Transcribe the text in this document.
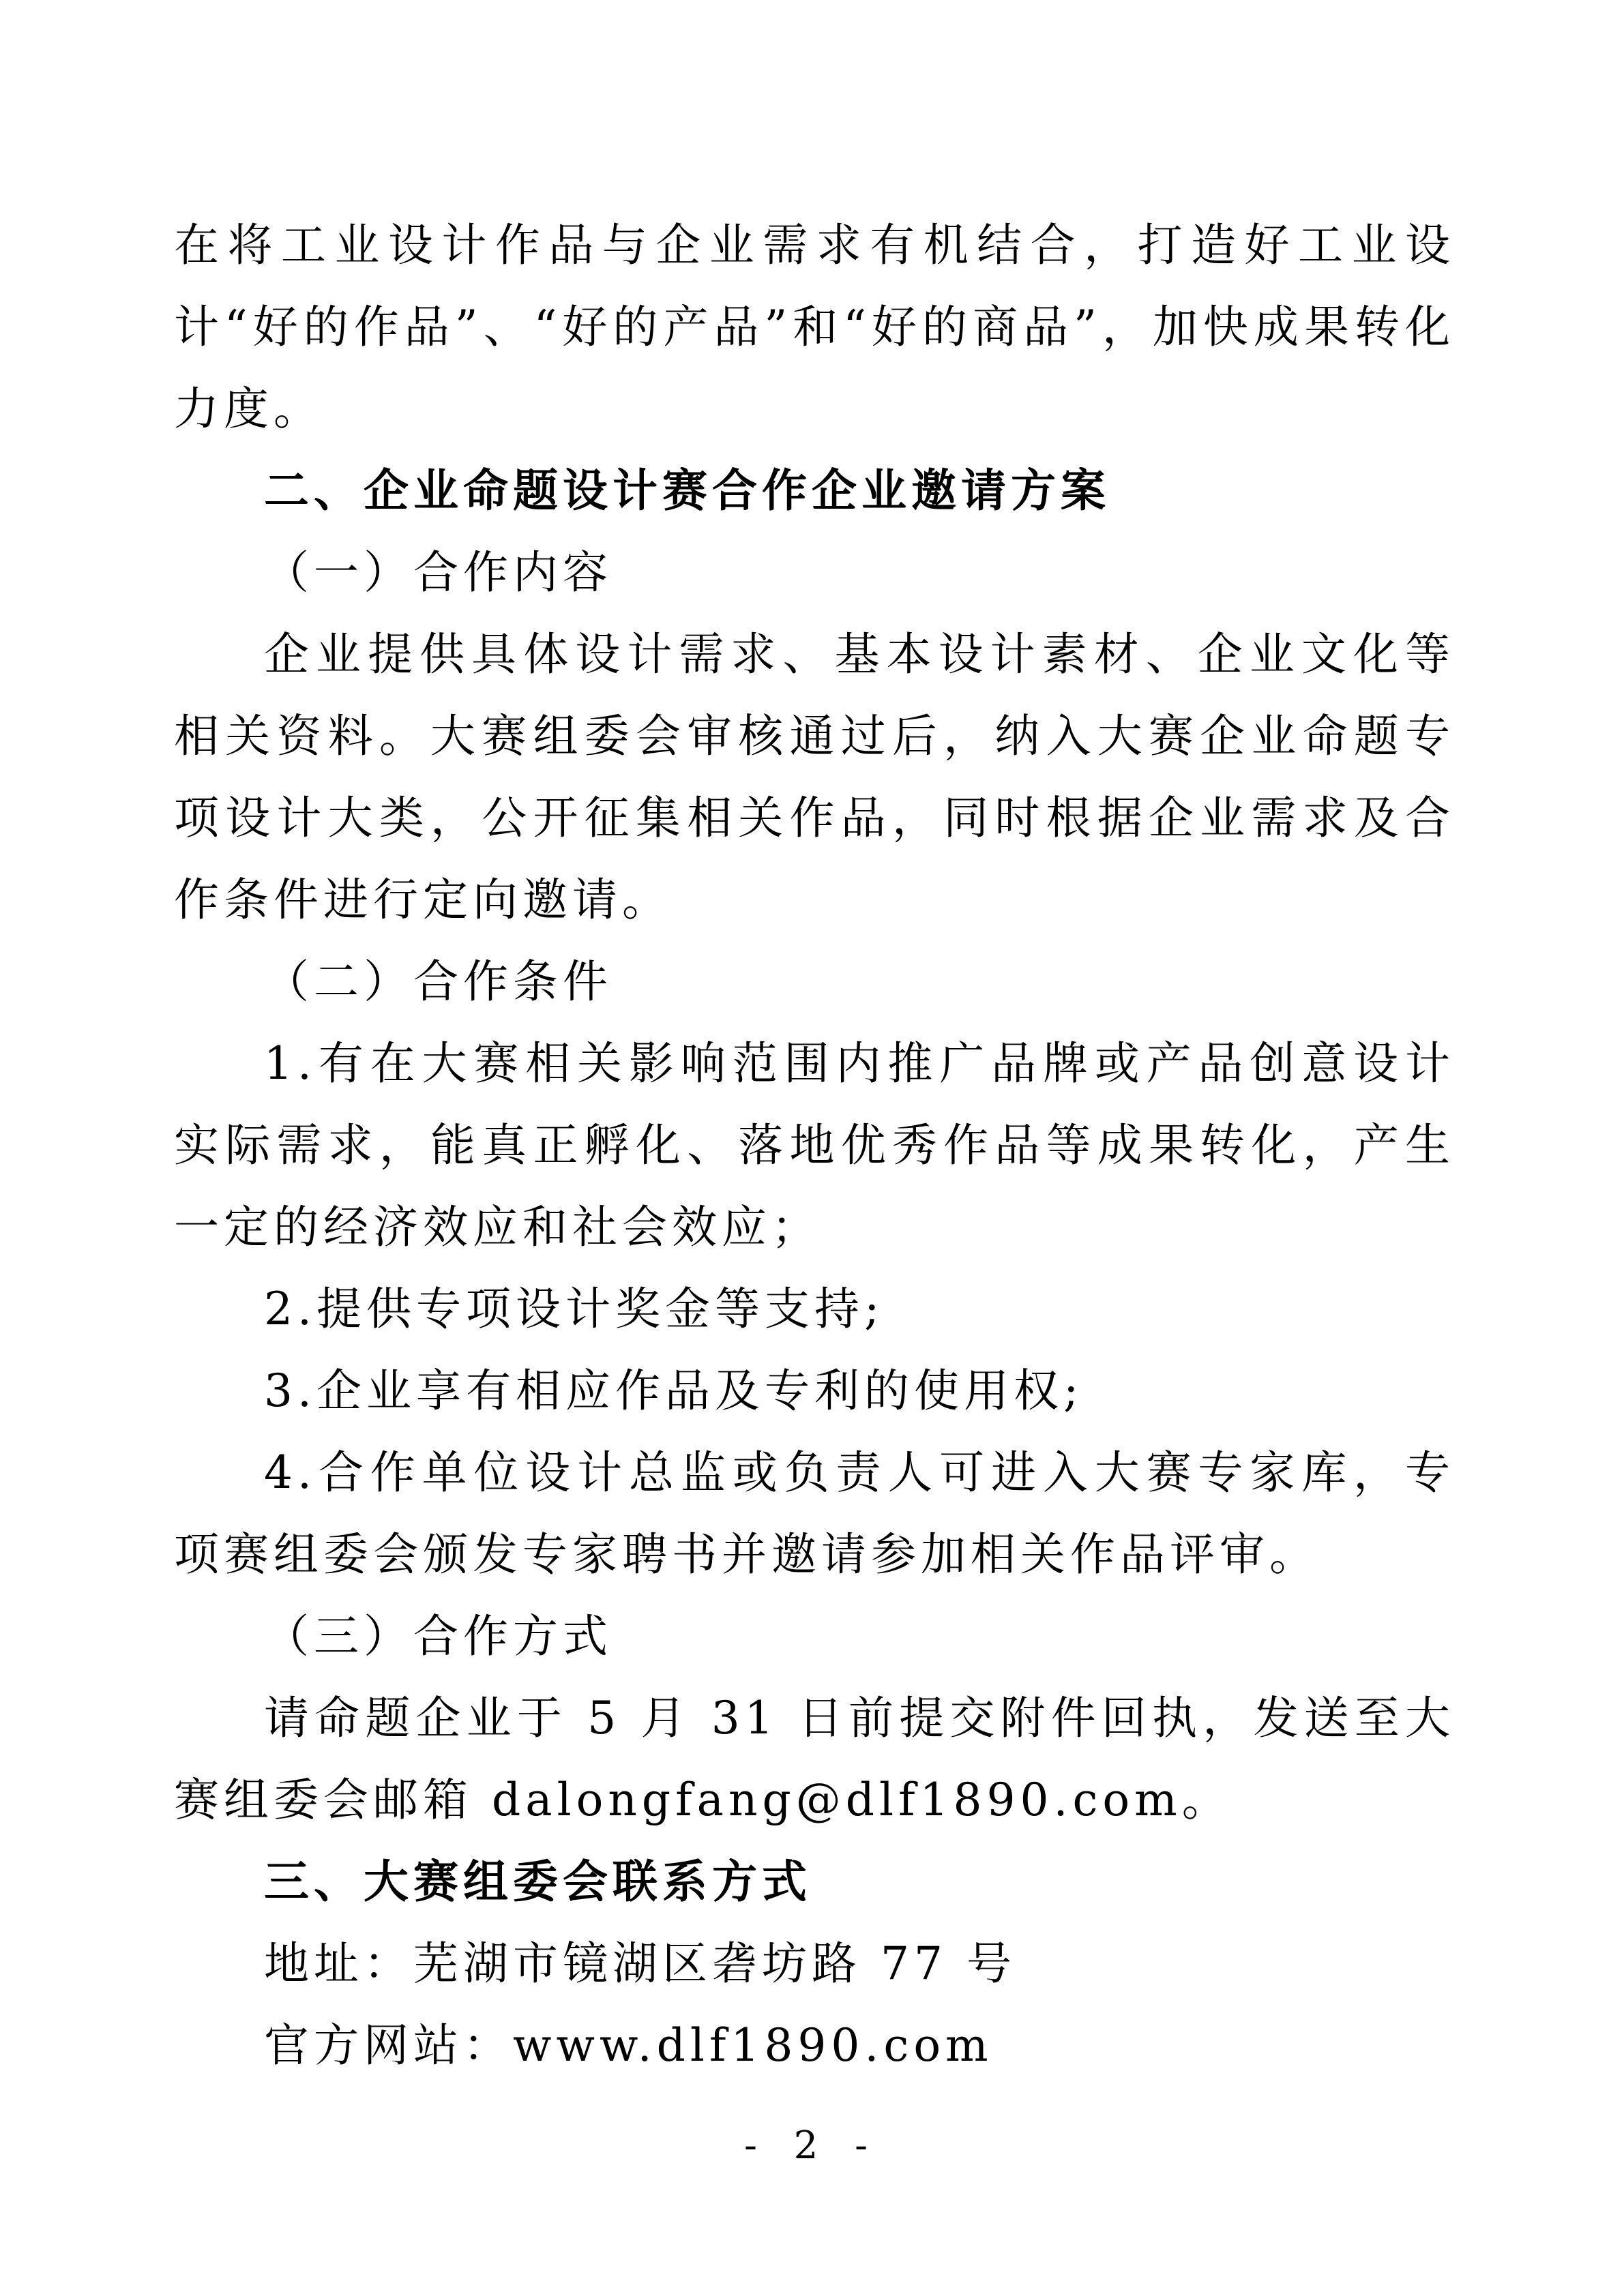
在将工业设计作品与企业需求有机结合，打造好工业设计“好的作品”、“好的产品”和“好的商品”，加快成果转化力度。

二、企业命题设计赛合作企业邀请方案

（一）合作内容

企业提供具体设计需求、基本设计素材、企业文化等相关资料。大赛组委会审核通过后，纳入大赛企业命题专项设计大类，公开征集相关作品，同时根据企业需求及合作条件进行定向邀请。

（二）合作条件

1.有在大赛相关影响范围内推广品牌或产品创意设计实际需求，能真正孵化、落地优秀作品等成果转化，产生一定的经济效应和社会效应；

2.提供专项设计奖金等支持;

3.企业享有相应作品及专利的使用权;

4.合作单位设计总监或负责人可进入大赛专家库，专项赛组委会颁发专家聘书并邀请参加相关作品评审。

（三）合作方式

请命题企业于 5 月 31 日前提交附件回执，发送至大赛组委会邮箱 dalongfang@dlf1890.com。

三、大赛组委会联系方式

地址：芜湖市镜湖区砻坊路 77 号

官方网站：www.dlf1890.com

- 2 -
